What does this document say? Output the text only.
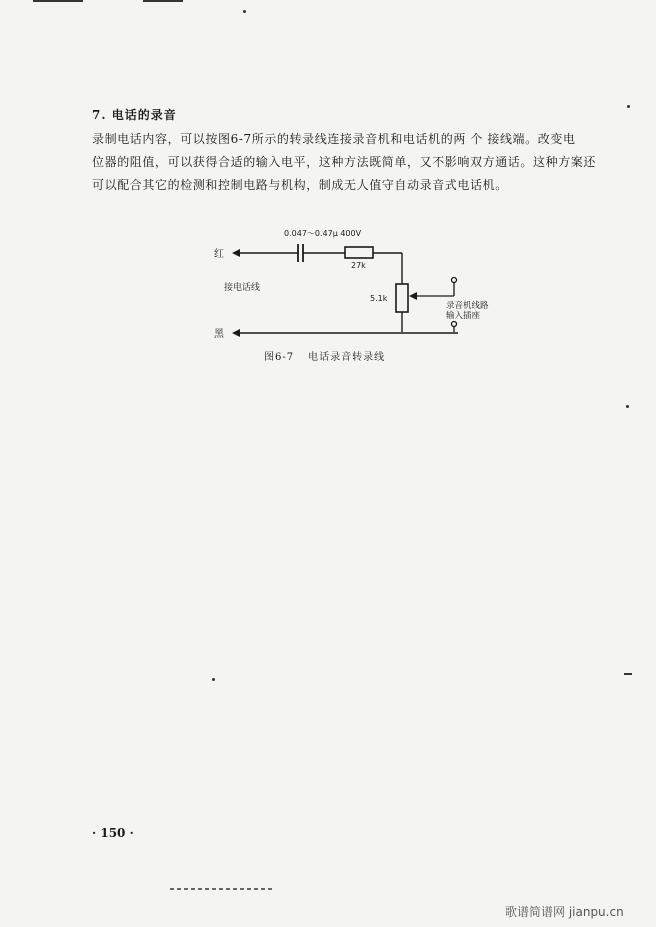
7. 电话的录音
录制电话内容，可以按图6-7所示的转录线连接录音机和电话机的两 个 接线端。改变电
位器的阻值，可以获得合适的输入电平，这种方法既简单，又不影响双方通话。这种方案还
可以配合其它的检测和控制电路与机构，制成无人值守自动录音式电话机。
红
0.047～0.47μ 400V
27k
5.1k
录音机线路
输入插座
接电话线
黑
图6-7 电话录音转录线
· 150 ·
歌谱简谱网 jianpu.cn
